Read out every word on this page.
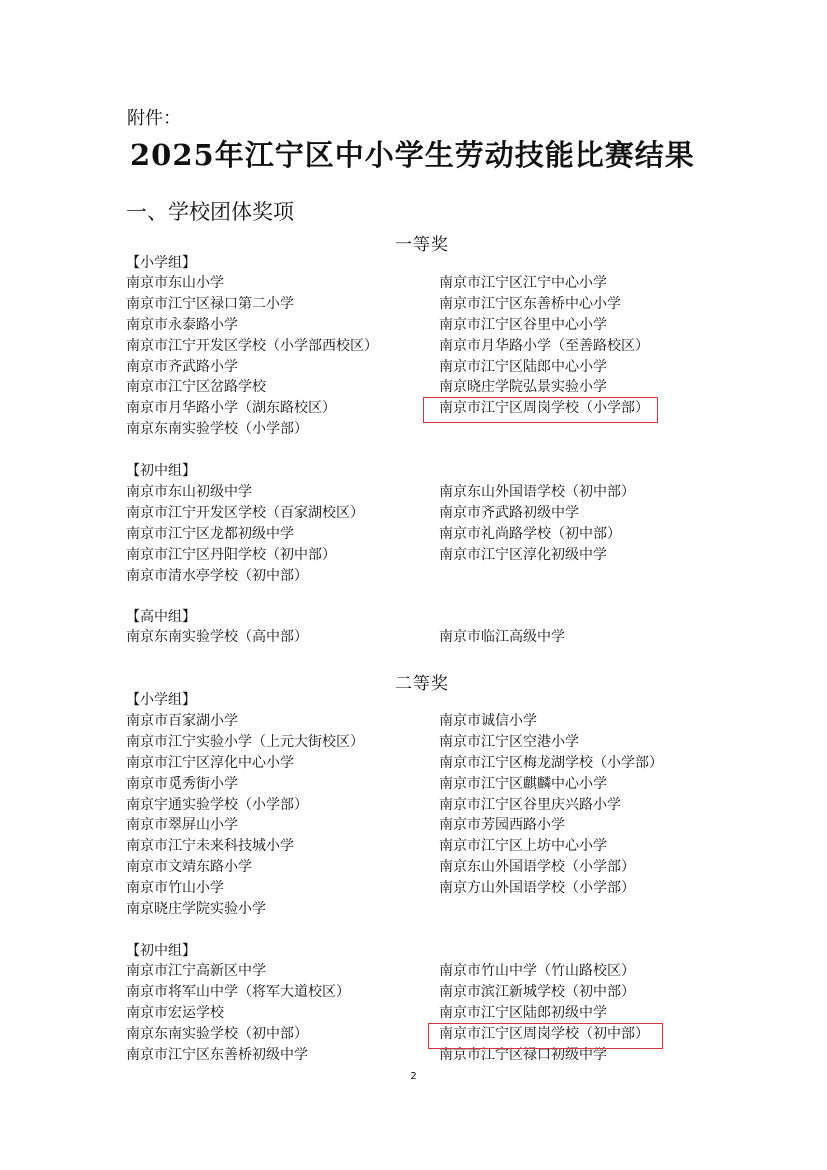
附件：
2025年江宁区中小学生劳动技能比赛结果
一、学校团体奖项
一等奖
【小学组】
南京市东山小学
南京市江宁区禄口第二小学
南京市永泰路小学
南京市江宁开发区学校（小学部西校区）
南京市齐武路小学
南京市江宁区岔路学校
南京市月华路小学（湖东路校区）
南京东南实验学校（小学部）
南京市江宁区江宁中心小学
南京市江宁区东善桥中心小学
南京市江宁区谷里中心小学
南京市月华路小学（至善路校区）
南京市江宁区陆郎中心小学
南京晓庄学院弘景实验小学
南京市江宁区周岗学校（小学部）
【初中组】
南京市东山初级中学
南京市江宁开发区学校（百家湖校区）
南京市江宁区龙都初级中学
南京市江宁区丹阳学校（初中部）
南京市清水亭学校（初中部）
南京东山外国语学校（初中部）
南京市齐武路初级中学
南京市礼尚路学校（初中部）
南京市江宁区淳化初级中学
【高中组】
南京东南实验学校（高中部）	南京市临江高级中学
二等奖
【小学组】
南京市百家湖小学
南京市江宁实验小学（上元大街校区）
南京市江宁区淳化中心小学
南京市觅秀街小学
南京宇通实验学校（小学部）
南京市翠屏山小学
南京市江宁未来科技城小学
南京市文靖东路小学
南京市竹山小学
南京晓庄学院实验小学
南京市诚信小学
南京市江宁区空港小学
南京市江宁区梅龙湖学校（小学部）
南京市江宁区麒麟中心小学
南京市江宁区谷里庆兴路小学
南京市芳园西路小学
南京市江宁区上坊中心小学
南京东山外国语学校（小学部）
南京方山外国语学校（小学部）
【初中组】
南京市江宁高新区中学
南京市将军山中学（将军大道校区）
南京市宏运学校
南京东南实验学校（初中部）
南京市江宁区东善桥初级中学
南京市竹山中学（竹山路校区）
南京市滨江新城学校（初中部）
南京市江宁区陆郎初级中学
南京市江宁区周岗学校（初中部）
南京市江宁区禄口初级中学
2
